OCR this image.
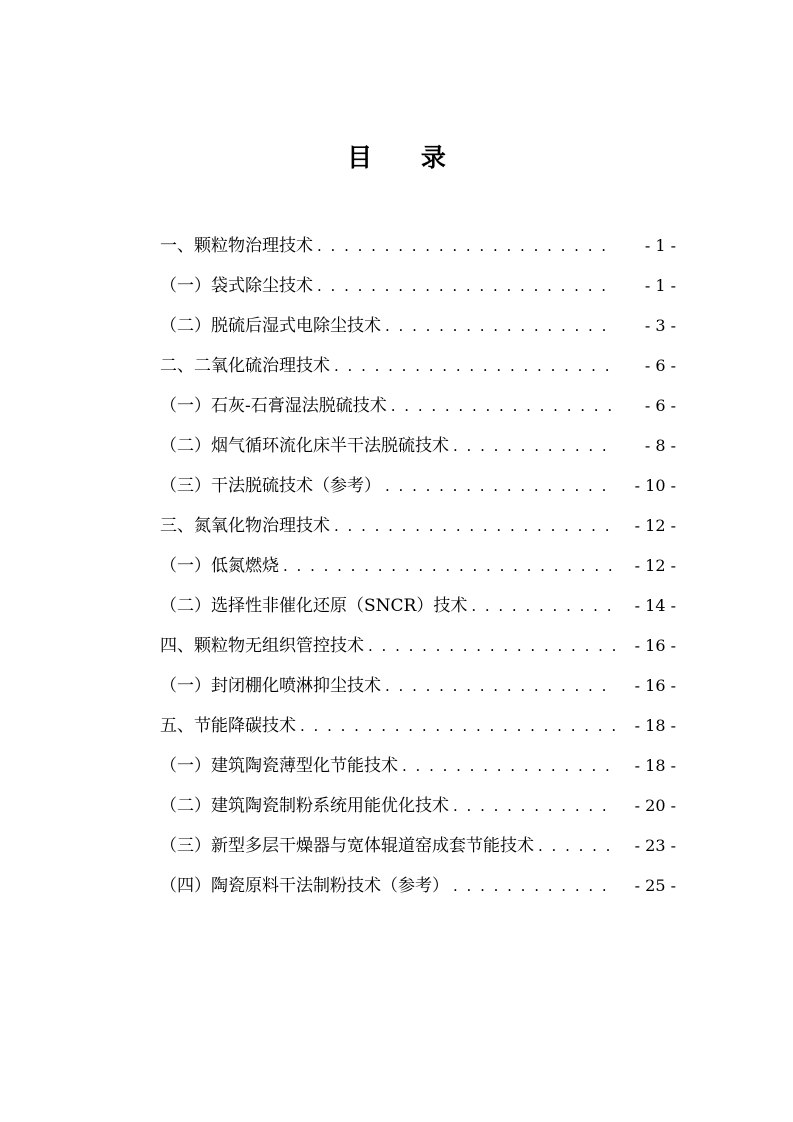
目 录
一、颗粒物治理技术 . . .	- 1 -
（一）袋式除尘技术 . . .	- 1 -
（二）脱硫后湿式电除尘技术 . . .	- 3 -
二、二氧化硫治理技术 . . .	- 6 -
（一）石灰-石膏湿法脱硫技术 . . .	- 6 -
（二）烟气循环流化床半干法脱硫技术 . . .	- 8 -
（三）干法脱硫技术（参考） . . .	- 10 -
三、氮氧化物治理技术 . . .	- 12 -
（一）低氮燃烧 . . .	- 12 -
（二）选择性非催化还原（SNCR）技术 . . .	- 14 -
四、颗粒物无组织管控技术 . . .	- 16 -
（一）封闭棚化喷淋抑尘技术 . . .	- 16 -
五、节能降碳技术 . . .	- 18 -
（一）建筑陶瓷薄型化节能技术 . . .	- 18 -
（二）建筑陶瓷制粉系统用能优化技术 . . .	- 20 -
（三）新型多层干燥器与宽体辊道窑成套节能技术 . . .	- 23 -
（四）陶瓷原料干法制粉技术（参考） . . .	- 25 -
